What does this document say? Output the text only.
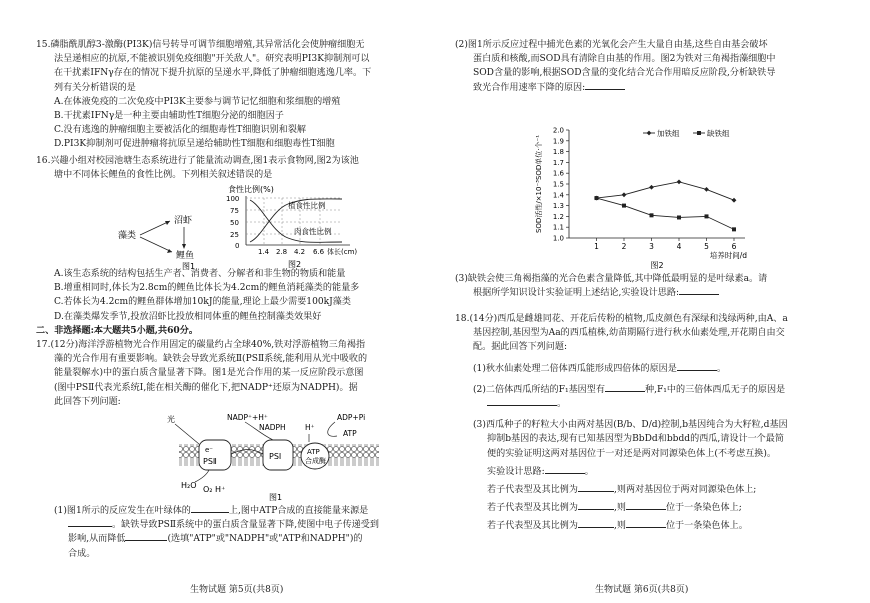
15.磷脂酰肌醇3-激酶(PI3K)信号转导可调节细胞增殖,其异常活化会使肿瘤细胞无

法呈递相应的抗原,不能被识别免疫细胞"开关敌人"。研究表明PI3K抑制剂可以

在干扰素IFNγ存在的情况下提升抗原的呈递水平,降低了肿瘤细胞逃逸几率。下

列有关分析错误的是

A.在体液免疫的二次免疫中PI3K主要参与调节记忆细胞和浆细胞的增殖

B.干扰素IFNγ是一种主要由辅助性T细胞分泌的细胞因子

C.没有逃逸的肿瘤细胞主要被活化的细胞毒性T细胞识别和裂解

D.PI3K抑制剂可促进肿瘤将抗原呈递给辅助性T细胞和细胞毒性T细胞

16.兴趣小组对校园池塘生态系统进行了能量流动调查,图1表示食物网,图2为该池

塘中不同体长鲤鱼的食性比例。下列相关叙述错误的是

藻类
沼虾
鲤鱼
图1
食性比例(%)
100
75
50
25
0
植食性比例
肉食性比例
1.4 2.8 4.2 6.6 体长(cm)
图2

A.该生态系统的结构包括生产者、消费者、分解者和非生物的物质和能量

B.增重相同时,体长为2.8cm的鲤鱼比体长为4.2cm的鲤鱼消耗藻类的能量多

C.若体长为4.2cm的鲤鱼群体增加10kJ的能量,理论上最少需要100kJ藻类

D.在藻类爆发季节,投放沼虾比投放相同体重的鲤鱼控制藻类效果好

二、非选择题:本大题共5小题,共60分。

17.(12分)海洋浮游植物光合作用固定的碳量约占全球40%,铁对浮游植物三角褐指

藻的光合作用有重要影响。缺铁会导致光系统Ⅱ(PSⅡ系统,能利用从光中吸收的

能量裂解水)中的蛋白质含量显著下降。图1是光合作用的某一反应阶段示意图

(图中PSⅡ代表光系统Ⅰ,能在相关酶的催化下,把NADP⁺还原为NADPH)。据

此回答下列问题:

光
e⁻
PSⅡ
PSⅠ	ATP
合成酶
NADP⁺+H⁺
NADPH	H⁺
ADP+Pi
ATP
H₂O O₂ H⁺
图1

(1)图1所示的反应发生在叶绿体的	上,图中ATP合成的直接能量来源是

。缺铁导致PSⅡ系统中的蛋白质含量显著下降,使图中电子传递受到

影响,从而降低	(选填"ATP"或"NADPH"或"ATP和NADPH")的

合成。

生物试题 第5页(共8页)

(2)图1所示反应过程中捕光色素的光氧化会产生大量自由基,这些自由基会破坏

蛋白质和核酸,而SOD具有清除自由基的作用。图2为铁对三角褐指藻细胞中

SOD含量的影响,根据SOD含量的变化结合光合作用暗反应阶段,分析缺铁导

致光合作用速率下降的原因:

2.0
1.9
1.8
1.7
1.6
1.5
1.4
1.3
1.2
1.1
1.0
1	2	3	4	5	6
培养时间/d
SOD活性/×10⁻³SOD单位·个⁻¹
图2
加铁组	缺铁组

(3)缺铁会使三角褐指藻的光合色素含量降低,其中降低最明显的是叶绿素a。请

根据所学知识设计实验证明上述结论,实验设计思路:

18.(14分)西瓜是雌雄同花、开花后传粉的植物,瓜皮颜色有深绿和浅绿两种,由A、a

基因控制,基因型为Aa的西瓜植株,幼苗期隔行进行秋水仙素处理,开花期自由交

配。据此回答下列问题:

(1)秋水仙素处理二倍体西瓜能形成四倍体的原因是	。

(2)二倍体西瓜所结的F₁基因型有	种,F₁中的三倍体西瓜无子的原因是

。

(3)西瓜种子的籽粒大小由两对基因(B/b、D/d)控制,b基因纯合为大籽粒,d基因

抑制b基因的表达,现有已知基因型为BbDd和bbdd的西瓜,请设计一个最简

便的实验证明这两对基因位于一对还是两对同源染色体上(不考虑互换)。

实验设计思路:	。

若子代表型及其比例为	,则两对基因位于两对同源染色体上;

若子代表型及其比例为	,则	位于一条染色体上;

若子代表型及其比例为	,则	位于一条染色体上。

生物试题 第6页(共8页)
